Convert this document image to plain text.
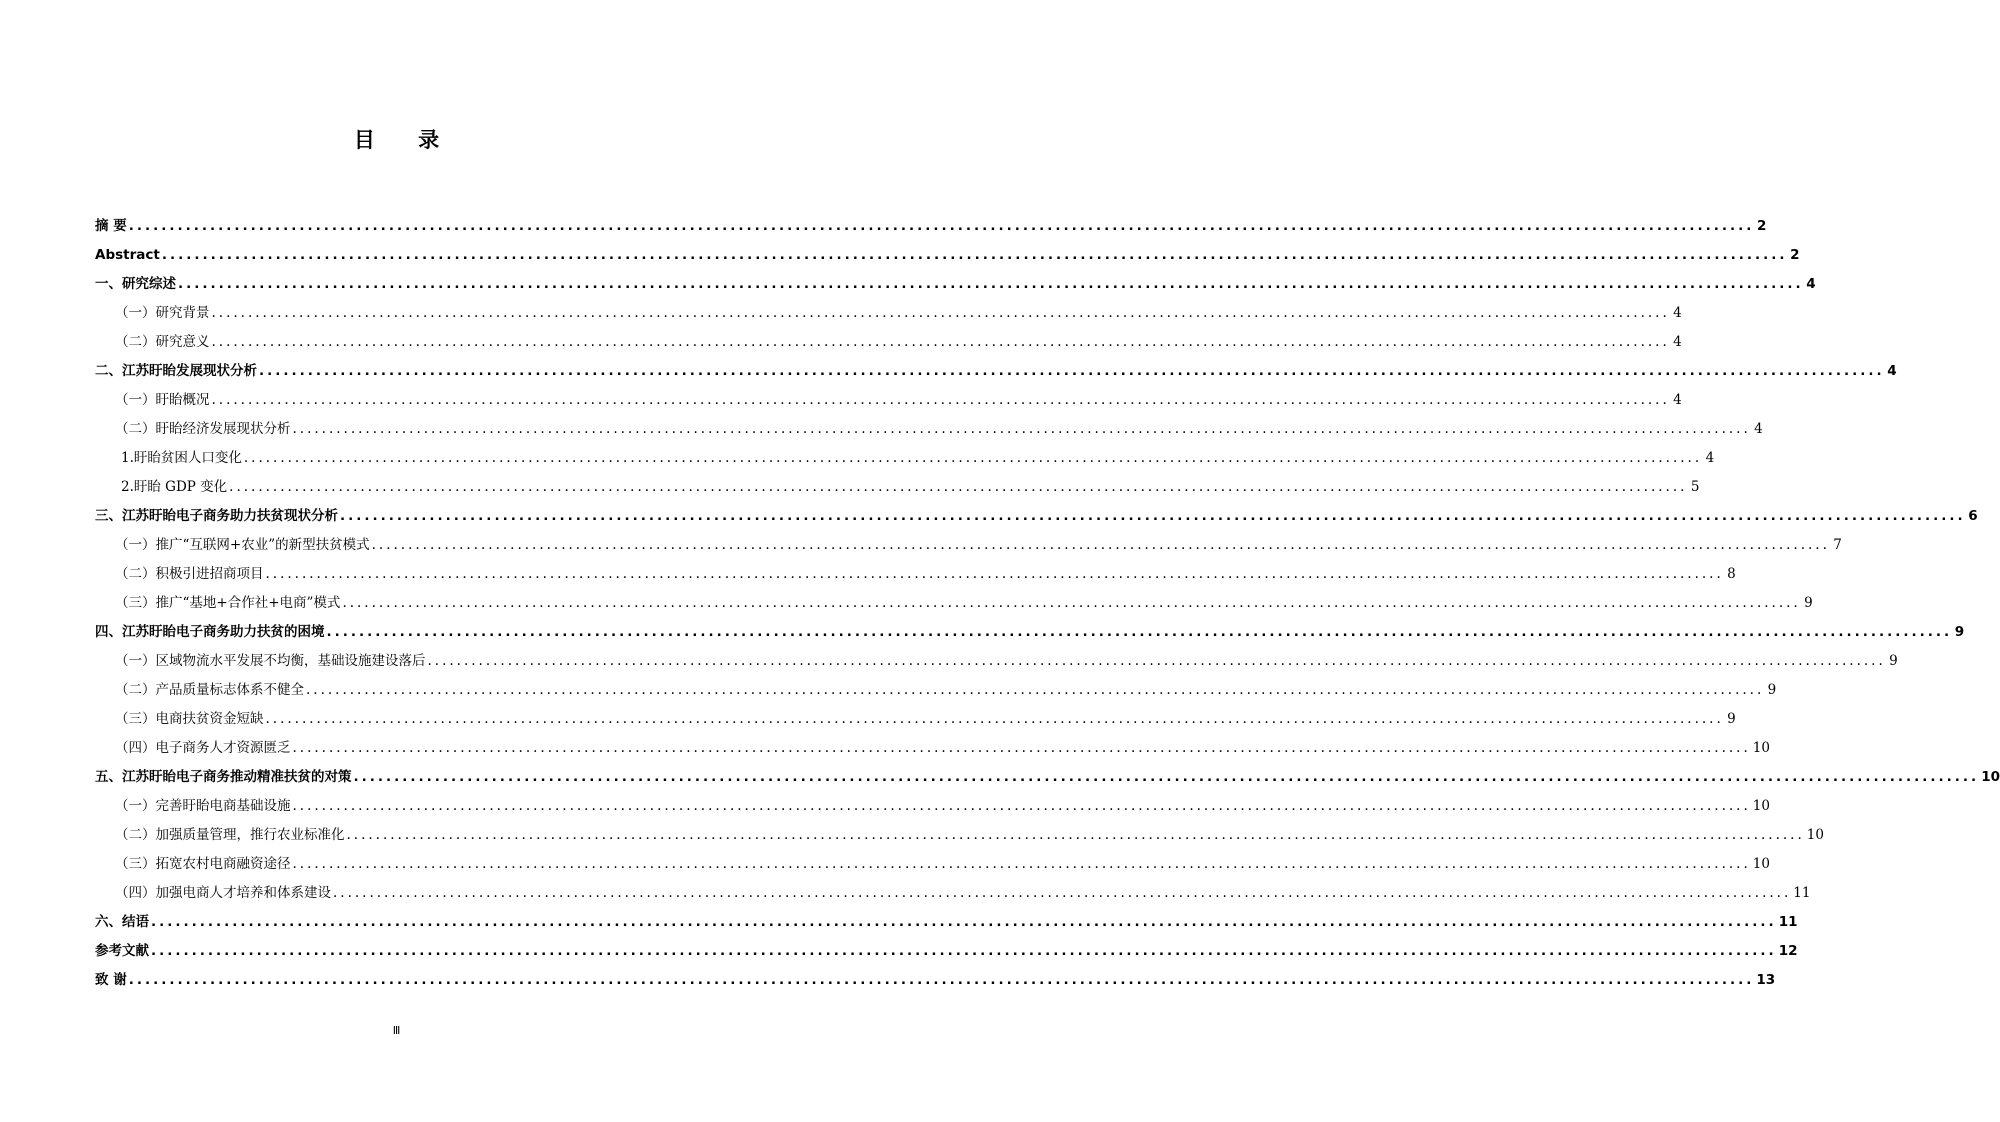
目 录
摘 要 ........................................................................................................................................................................................................ 2
Abstract ........................................................................................................................................................................................................ 2
一、研究综述 ........................................................................................................................................................................................................ 4
（一）研究背景 ........................................................................................................................................................................................................ 4
（二）研究意义 ........................................................................................................................................................................................................ 4
二、江苏盱眙发展现状分析 ........................................................................................................................................................................................................ 4
（一）盱眙概况 ........................................................................................................................................................................................................ 4
（二）盱眙经济发展现状分析 ........................................................................................................................................................................................................ 4
1.盱眙贫困人口变化 ........................................................................................................................................................................................................ 4
2.盱眙 GDP 变化 ........................................................................................................................................................................................................ 5
三、江苏盱眙电子商务助力扶贫现状分析 ........................................................................................................................................................................................................ 6
（一）推广“互联网+农业”的新型扶贫模式 ........................................................................................................................................................................................................ 7
（二）积极引进招商项目 ........................................................................................................................................................................................................ 8
（三）推广“基地+合作社+电商”模式 ........................................................................................................................................................................................................ 9
四、江苏盱眙电子商务助力扶贫的困境 ........................................................................................................................................................................................................ 9
（一）区域物流水平发展不均衡，基础设施建设落后 ........................................................................................................................................................................................................ 9
（二）产品质量标志体系不健全 ........................................................................................................................................................................................................ 9
（三）电商扶贫资金短缺 ........................................................................................................................................................................................................ 9
（四）电子商务人才资源匮乏 ........................................................................................................................................................................................................ 10
五、江苏盱眙电子商务推动精准扶贫的对策 ........................................................................................................................................................................................................ 10
（一）完善盱眙电商基础设施 ........................................................................................................................................................................................................ 10
（二）加强质量管理，推行农业标准化 ........................................................................................................................................................................................................ 10
（三）拓宽农村电商融资途径 ........................................................................................................................................................................................................ 10
（四）加强电商人才培养和体系建设 ........................................................................................................................................................................................................ 11
六、结语 ........................................................................................................................................................................................................ 11
参考文献 ........................................................................................................................................................................................................ 12
致 谢 ........................................................................................................................................................................................................ 13
Ⅲ
